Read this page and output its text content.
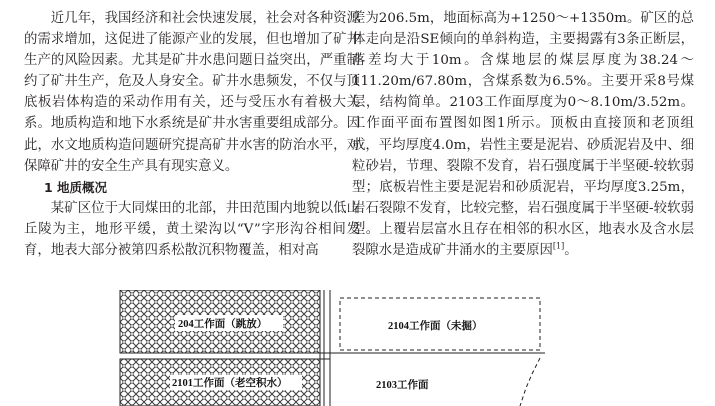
近几年，我国经济和社会快速发展，社会对各种资源的需求增加，这促进了能源产业的发展，但也增加了矿井生产的风险因素。尤其是矿井水患问题日益突出，严重制约了矿井生产，危及人身安全。矿井水患频发，不仅与顶底板岩体构造的采动作用有关，还与受压水有着极大关系。地质构造和地下水系统是矿井水害重要组成部分。因此，水文地质构造问题研究提高矿井水害的防治水平，对保障矿井的安全生产具有现实意义。

1 地质概况

某矿区位于大同煤田的北部，井田范围内地貌以低山丘陵为主，地形平缓，黄土梁沟以“V”字形沟谷相间发育，地表大部分被第四系松散沉积物覆盖，相对高

差为206.5m，地面标高为+1250～+1350m。矿区的总体走向是沿SE倾向的单斜构造，主要揭露有3条正断层，落差均大于10m。含煤地层的煤层厚度为38.24～111.20m/67.80m，含煤系数为6.5%。主要开采8号煤层，结构简单。2103工作面厚度为0～8.10m/3.52m。工作面平面布置图如图1所示。顶板由直接顶和老顶组成，平均厚度4.0m，岩性主要是泥岩、砂质泥岩及中、细粒砂岩，节理、裂隙不发育，岩石强度属于半坚硬-较软弱型；底板岩性主要是泥岩和砂质泥岩，平均厚度3.25m，岩石裂隙不发育，比较完整，岩石强度属于半坚硬-较软弱型。上覆岩层富水且存在相邻的积水区，地表水及含水层裂隙水是造成矿井涌水的主要原因[1]。

204工作面（跳放）
2101工作面（老空积水）
2104工作面（未掘）
2103工作面
